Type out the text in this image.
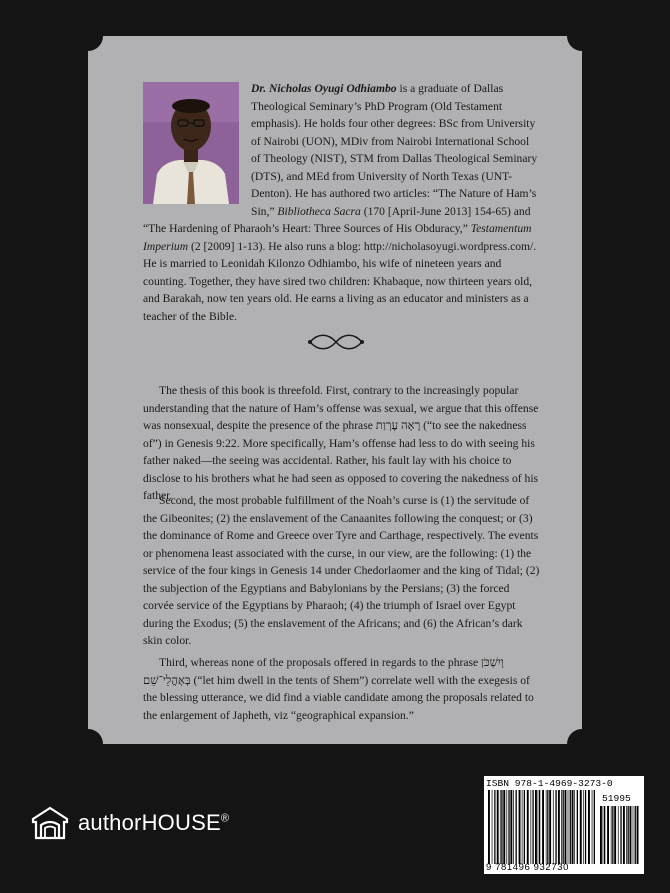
Dr. Nicholas Oyugi Odhiambo is a graduate of Dallas Theological Seminary’s PhD Program (Old Testament emphasis). He holds four other degrees: BSc from University of Nairobi (UON), MDiv from Nairobi International School of Theology (NIST), STM from Dallas Theological Seminary (DTS), and MEd from University of North Texas (UNT-Denton). He has authored two articles: “The Nature of Ham’s Sin,” Bibliotheca Sacra (170 [April-June 2013] 154-65) and “The Hardening of Pharaoh’s Heart: Three Sources of His Obduracy,” Testamentum Imperium (2 [2009] 1-13). He also runs a blog: http://nicholasoyugi.wordpress.com/. He is married to Leonidah Kilonzo Odhiambo, his wife of nineteen years and counting. Together, they have sired two children: Khabaque, now thirteen years old, and Barakah, now ten years old. He earns a living as an educator and ministers as a teacher of the Bible.
The thesis of this book is threefold. First, contrary to the increasingly popular understanding that the nature of Ham’s offense was sexual, we argue that this offense was nonsexual, despite the presence of the phrase רָאָה עֶרְוַת (“to see the nakedness of”) in Genesis 9:22. More specifically, Ham’s offense had less to do with seeing his father naked—the seeing was accidental. Rather, his fault lay with his choice to disclose to his brothers what he had seen as opposed to covering the nakedness of his father.
Second, the most probable fulfillment of the Noah’s curse is (1) the servitude of the Gibeonites; (2) the enslavement of the Canaanites following the conquest; or (3) the dominance of Rome and Greece over Tyre and Carthage, respectively. The events or phenomena least associated with the curse, in our view, are the following: (1) the service of the four kings in Genesis 14 under Chedorlaomer and the king of Tidal; (2) the subjection of the Egyptians and Babylonians by the Persians; (3) the forced corvée service of the Egyptians by Pharaoh; (4) the triumph of Israel over Egypt during the Exodus; (5) the enslavement of the Africans; and (6) the African’s dark skin color.
Third, whereas none of the proposals offered in regards to the phrase וְיִשְׁכֹּן בְּאָהֳלֵי־שֵׁם (“let him dwell in the tents of Shem”) correlate well with the exegesis of the blessing utterance, we did find a viable candidate among the proposals related to the enlargement of Japheth, viz “geographical expansion.”
authorHOUSE®
ISBN 978-1-4969-3273-0
51995
9 781496 932730
